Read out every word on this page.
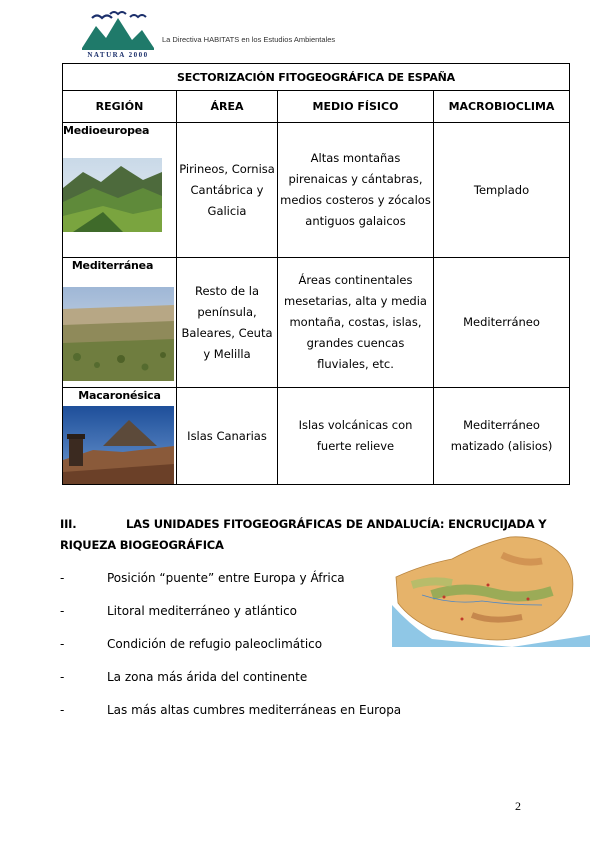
NATURA 2000
La Directiva HABITATS en los Estudios Ambientales
SECTORIZACIÓN FITOGEOGRÁFICA DE ESPAÑA			
REGIÓN	ÁREA	MEDIO FÍSICO	MACROBIOCLIMA

Medioeuropea	Pirineos, Cornisa Cantábrica y Galicia	Altas montañas pirenaicas y cántabras, medios costeros y zócalos antiguos galaicos	Templado

Mediterránea	Resto de la península, Baleares, Ceuta y Melilla	Áreas continentales mesetarias, alta y media montaña, costas, islas, grandes cuencas fluviales, etc.	Mediterráneo

Macaronésica	Islas Canarias	Islas volcánicas con fuerte relieve	Mediterráneo matizado (alisios)
III.	LAS UNIDADES FITOGEOGRÁFICAS DE ANDALUCÍA: ENCRUCIJADA Y RIQUEZA BIOGEOGRÁFICA
-	Posición “puente” entre Europa y África
-	Litoral mediterráneo y atlántico
-	Condición de refugio paleoclimático
-	La zona más árida del continente
-	Las más altas cumbres mediterráneas en Europa
2
